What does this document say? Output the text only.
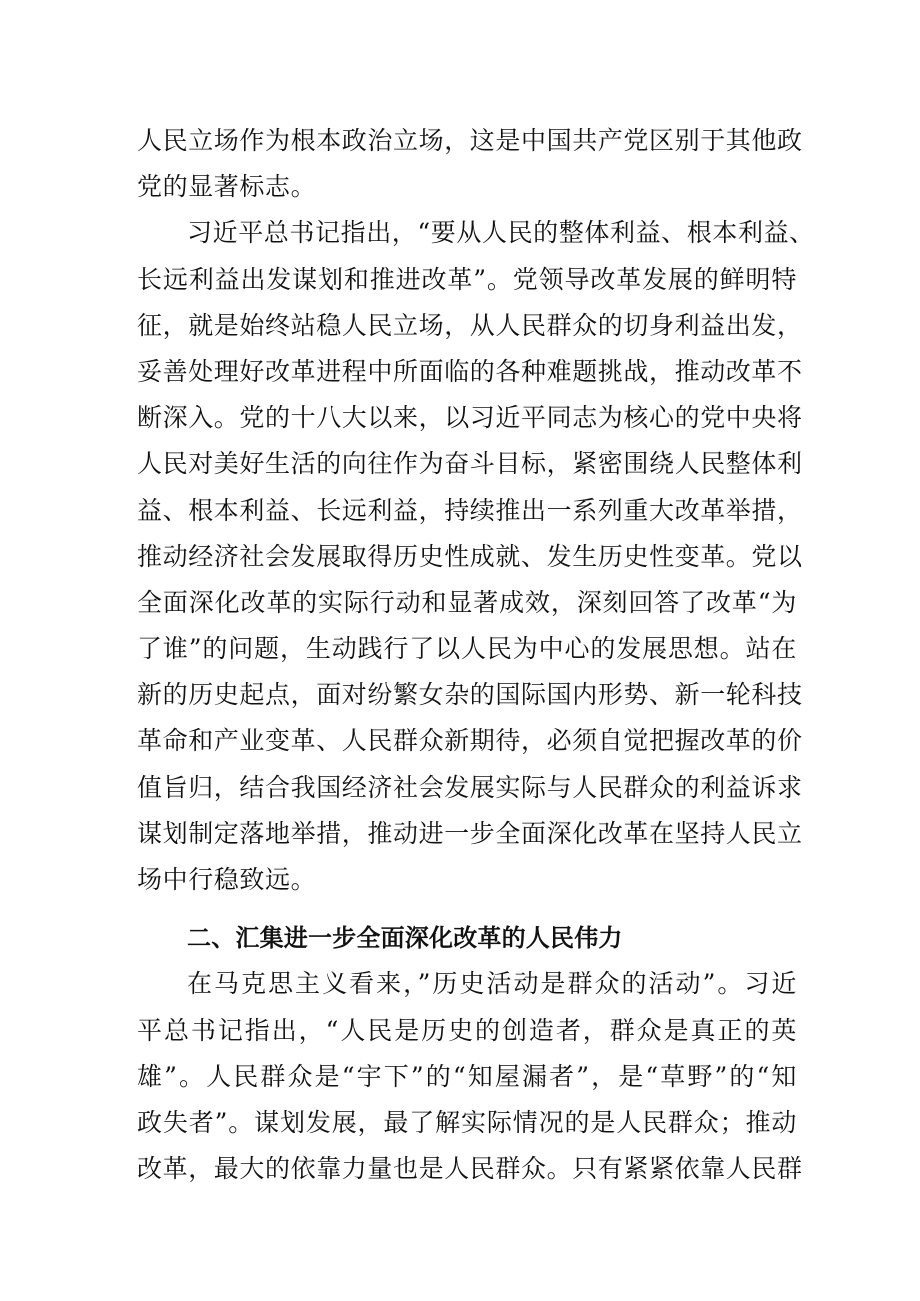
人民立场作为根本政治立场，这是中国共产党区别于其他政
党的显著标志。
习近平总书记指出，“要从人民的整体利益、根本利益、
长远利益出发谋划和推进改革”。党领导改革发展的鲜明特
征，就是始终站稳人民立场，从人民群众的切身利益出发，
妥善处理好改革进程中所面临的各种难题挑战，推动改革不
断深入。党的十八大以来，以习近平同志为核心的党中央将
人民对美好生活的向往作为奋斗目标，紧密围绕人民整体利
益、根本利益、长远利益，持续推出一系列重大改革举措，
推动经济社会发展取得历史性成就、发生历史性变革。党以
全面深化改革的实际行动和显著成效，深刻回答了改革“为
了谁”的问题，生动践行了以人民为中心的发展思想。站在
新的历史起点，面对纷繁女杂的国际国内形势、新一轮科技
革命和产业变革、人民群众新期待，必须自觉把握改革的价
值旨归，结合我国经济社会发展实际与人民群众的利益诉求
谋划制定落地举措，推动进一步全面深化改革在坚持人民立
场中行稳致远。
二、汇集进一步全面深化改革的人民伟力
在马克思主义看来，”历史活动是群众的活动”。习近
平总书记指出，“人民是历史的创造者，群众是真正的英
雄”。人民群众是“宇下”的“知屋漏者”，是“草野”的“知
政失者”。谋划发展，最了解实际情况的是人民群众；推动
改革，最大的依靠力量也是人民群众。只有紧紧依靠人民群
